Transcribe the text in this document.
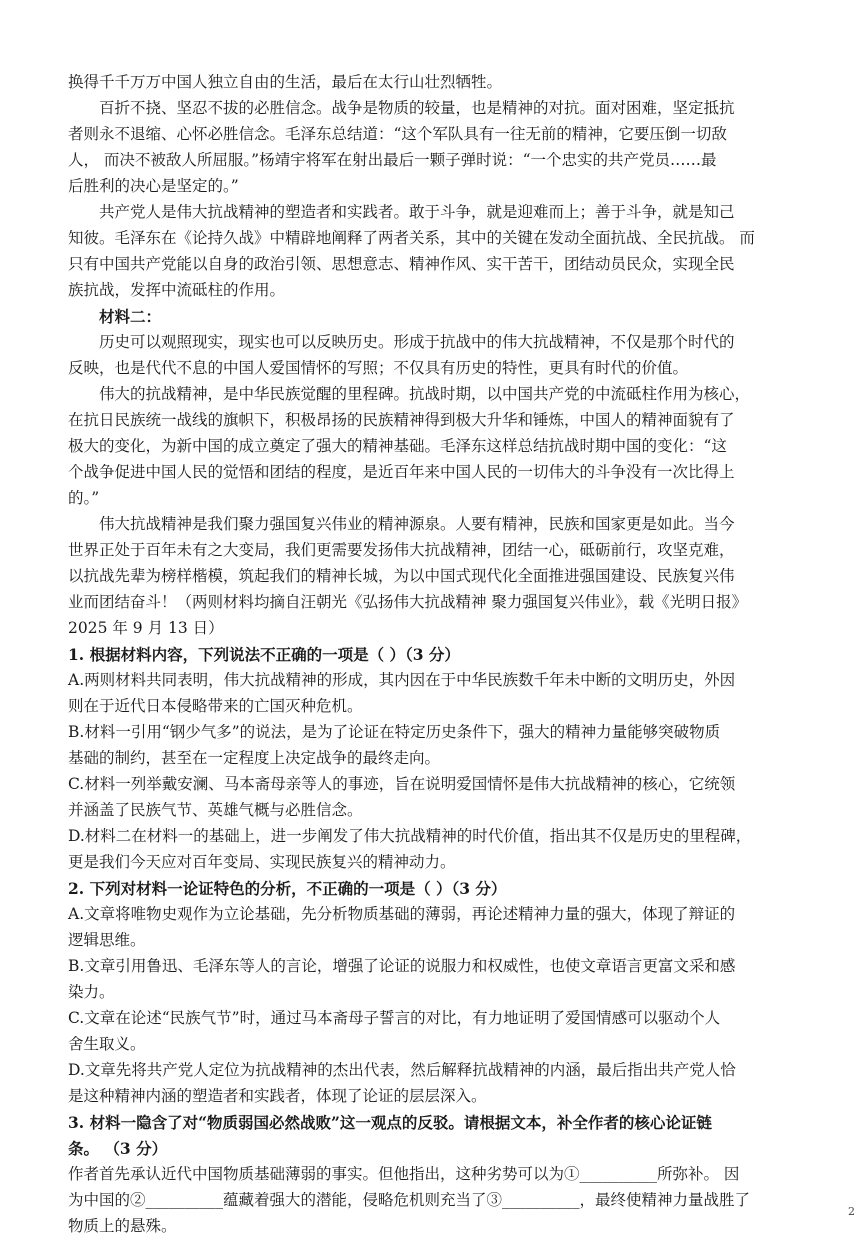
换得千千万万中国人独立自由的生活，最后在太行山壮烈牺牲。
　　百折不挠、坚忍不拔的必胜信念。战争是物质的较量，也是精神的对抗。面对困难，坚定抵抗
者则永不退缩、心怀必胜信念。毛泽东总结道：“这个军队具有一往无前的精神，它要压倒一切敌
人， 而决不被敌人所屈服。”杨靖宇将军在射出最后一颗子弹时说：“一个忠实的共产党员……最
后胜利的决心是坚定的。”
　　共产党人是伟大抗战精神的塑造者和实践者。敢于斗争，就是迎难而上；善于斗争，就是知己
知彼。毛泽东在《论持久战》中精辟地阐释了两者关系，其中的关键在发动全面抗战、全民抗战。 而
只有中国共产党能以自身的政治引领、思想意志、精神作风、实干苦干，团结动员民众，实现全民
族抗战，发挥中流砥柱的作用。
　　材料二：
　　历史可以观照现实，现实也可以反映历史。形成于抗战中的伟大抗战精神，不仅是那个时代的
反映，也是代代不息的中国人爱国情怀的写照；不仅具有历史的特性，更具有时代的价值。
　　伟大的抗战精神，是中华民族觉醒的里程碑。抗战时期，以中国共产党的中流砥柱作用为核心，
在抗日民族统一战线的旗帜下，积极昂扬的民族精神得到极大升华和锤炼，中国人的精神面貌有了
极大的变化，为新中国的成立奠定了强大的精神基础。毛泽东这样总结抗战时期中国的变化：“这
个战争促进中国人民的觉悟和团结的程度，是近百年来中国人民的一切伟大的斗争没有一次比得上
的。”
　　伟大抗战精神是我们聚力强国复兴伟业的精神源泉。人要有精神，民族和国家更是如此。当今
世界正处于百年未有之大变局，我们更需要发扬伟大抗战精神，团结一心，砥砺前行，攻坚克难，
以抗战先辈为榜样楷模，筑起我们的精神长城，为以中国式现代化全面推进强国建设、民族复兴伟
业而团结奋斗！（两则材料均摘自汪朝光《弘扬伟大抗战精神 聚力强国复兴伟业》，载《光明日报》
2025 年 9 月 13 日）
1. 根据材料内容，下列说法不正确的一项是（ ）（3 分）
A.两则材料共同表明，伟大抗战精神的形成，其内因在于中华民族数千年未中断的文明历史，外因
则在于近代日本侵略带来的亡国灭种危机。
B.材料一引用“钢少气多”的说法，是为了论证在特定历史条件下，强大的精神力量能够突破物质
基础的制约，甚至在一定程度上决定战争的最终走向。
C.材料一列举戴安澜、马本斋母亲等人的事迹，旨在说明爱国情怀是伟大抗战精神的核心，它统领
并涵盖了民族气节、英雄气概与必胜信念。
D.材料二在材料一的基础上，进一步阐发了伟大抗战精神的时代价值，指出其不仅是历史的里程碑，
更是我们今天应对百年变局、实现民族复兴的精神动力。
2. 下列对材料一论证特色的分析，不正确的一项是（ ）（3 分）
A.文章将唯物史观作为立论基础，先分析物质基础的薄弱，再论述精神力量的强大，体现了辩证的
逻辑思维。
B.文章引用鲁迅、毛泽东等人的言论，增强了论证的说服力和权威性，也使文章语言更富文采和感
染力。
C.文章在论述“民族气节”时，通过马本斋母子誓言的对比，有力地证明了爱国情感可以驱动个人
舍生取义。
D.文章先将共产党人定位为抗战精神的杰出代表，然后解释抗战精神的内涵，最后指出共产党人恰
是这种精神内涵的塑造者和实践者，体现了论证的层层深入。
3. 材料一隐含了对“物质弱国必然战败”这一观点的反驳。请根据文本，补全作者的核心论证链
条。 （3 分）
作者首先承认近代中国物质基础薄弱的事实。但他指出，这种劣势可以为①__________所弥补。 因
为中国的②__________蕴藏着强大的潜能，侵略危机则充当了③__________，最终使精神力量战胜了
物质上的悬殊。
2
